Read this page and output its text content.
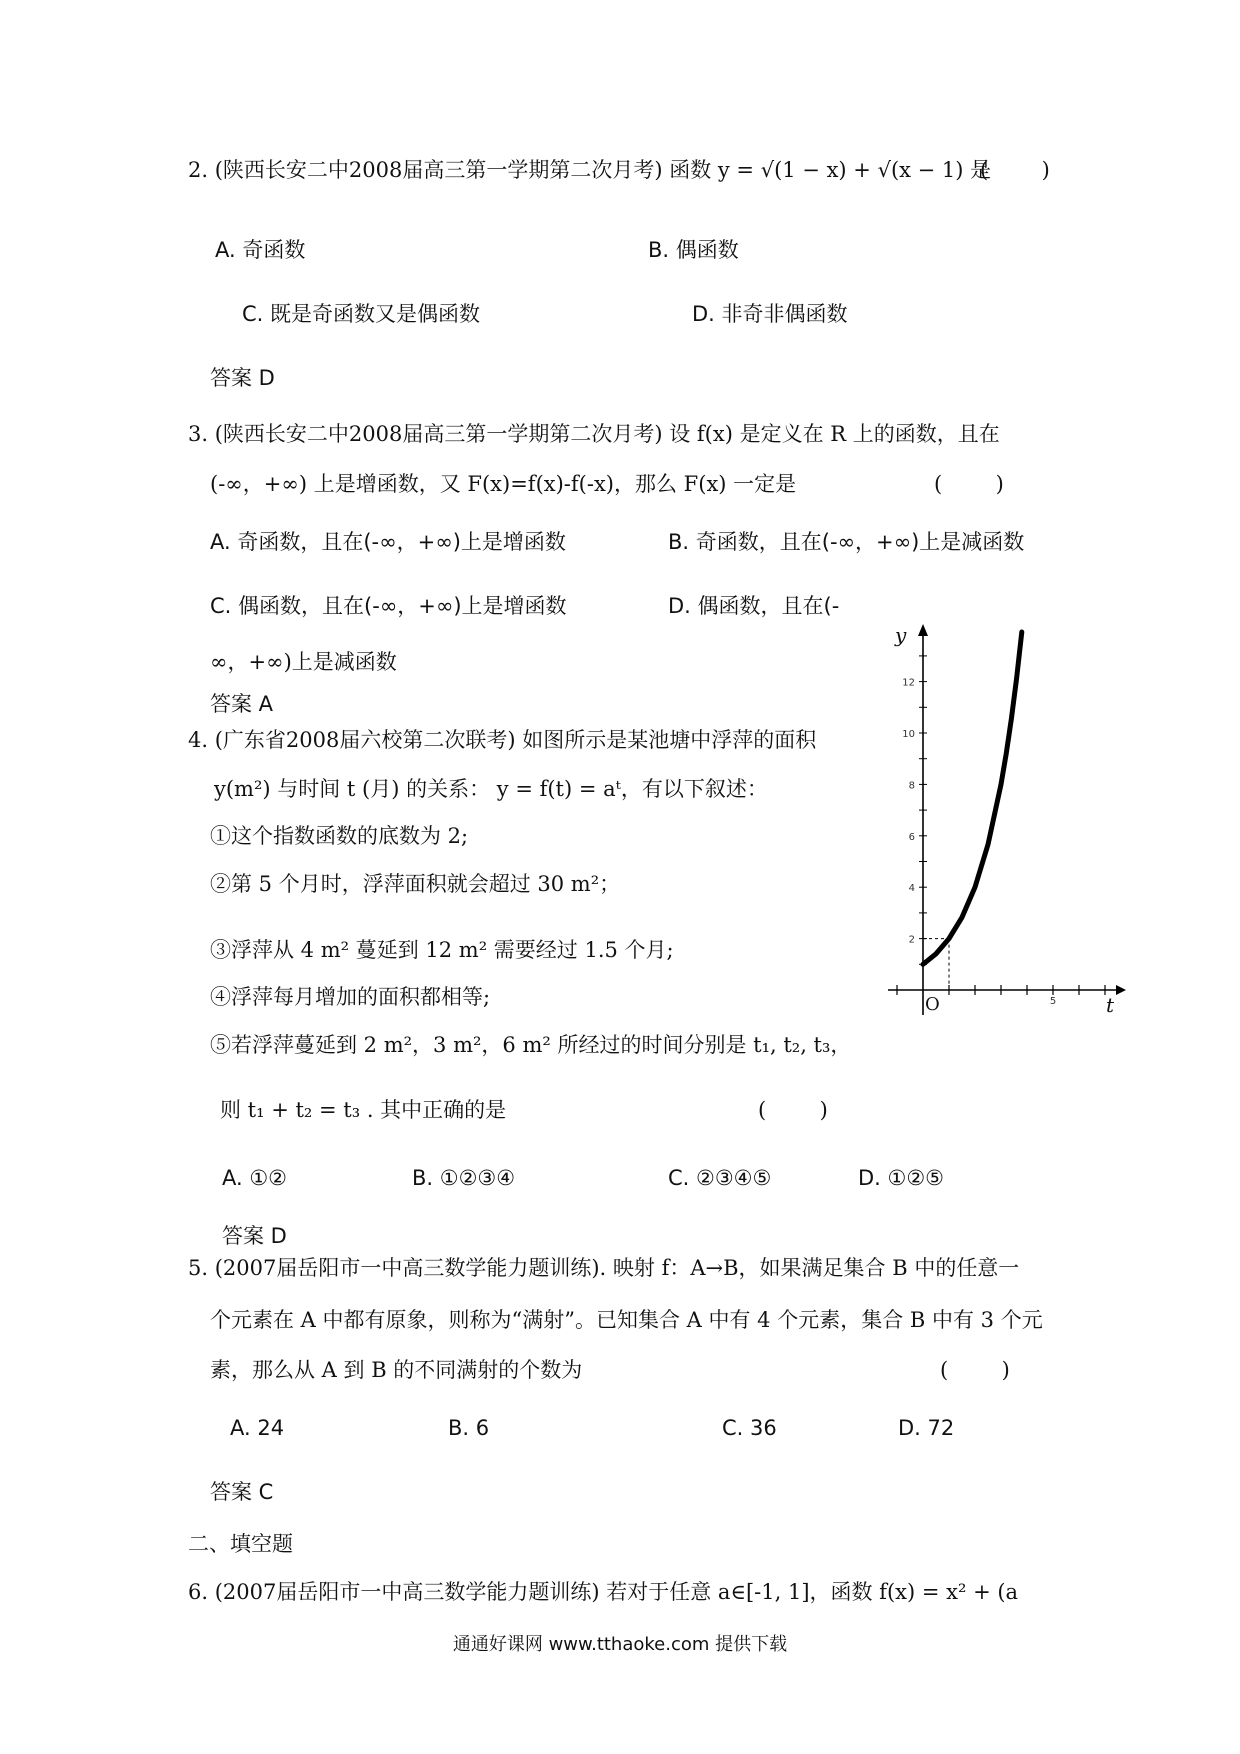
2. (陕西长安二中2008届高三第一学期第二次月考) 函数 y = √(1 − x) + √(x − 1) 是
(        )
A. 奇函数	B. 偶函数
C. 既是奇函数又是偶函数	D. 非奇非偶函数
答案 D
3. (陕西长安二中2008届高三第一学期第二次月考) 设 f(x) 是定义在 R 上的函数，且在
(-∞，+∞) 上是增函数，又 F(x)=f(x)-f(-x)，那么 F(x) 一定是	(        )
A. 奇函数，且在(-∞，+∞)上是增函数	B. 奇函数，且在(-∞，+∞)上是减函数
C. 偶函数，且在(-∞，+∞)上是增函数	D. 偶函数，且在(-
∞，+∞)上是减函数
答案 A
4. (广东省2008届六校第二次联考) 如图所示是某池塘中浮萍的面积
y(m²) 与时间 t (月) 的关系： y = f(t) = aᵗ，有以下叙述：
①这个指数函数的底数为 2;
②第 5 个月时，浮萍面积就会超过 30 m²；
③浮萍从 4 m² 蔓延到 12 m² 需要经过 1.5 个月;
④浮萍每月增加的面积都相等;
⑤若浮萍蔓延到 2 m²，3 m²，6 m² 所经过的时间分别是 t₁, t₂, t₃，
则 t₁ + t₂ = t₃ . 其中正确的是	(        )
A. ①②	B. ①②③④	C. ②③④⑤	D. ①②⑤
答案 D
5
2
4
6
8
10
12
y
t
O
5. (2007届岳阳市一中高三数学能力题训练). 映射 f：A→B，如果满足集合 B 中的任意一
个元素在 A 中都有原象，则称为“满射”。已知集合 A 中有 4 个元素，集合 B 中有 3 个元
素，那么从 A 到 B 的不同满射的个数为	(        )
A. 24	B. 6	C. 36	D. 72
答案 C
二、填空题
6. (2007届岳阳市一中高三数学能力题训练) 若对于任意 a∈[-1, 1]，函数 f(x) = x² + (a
通通好课网 www.tthaoke.com 提供下载
